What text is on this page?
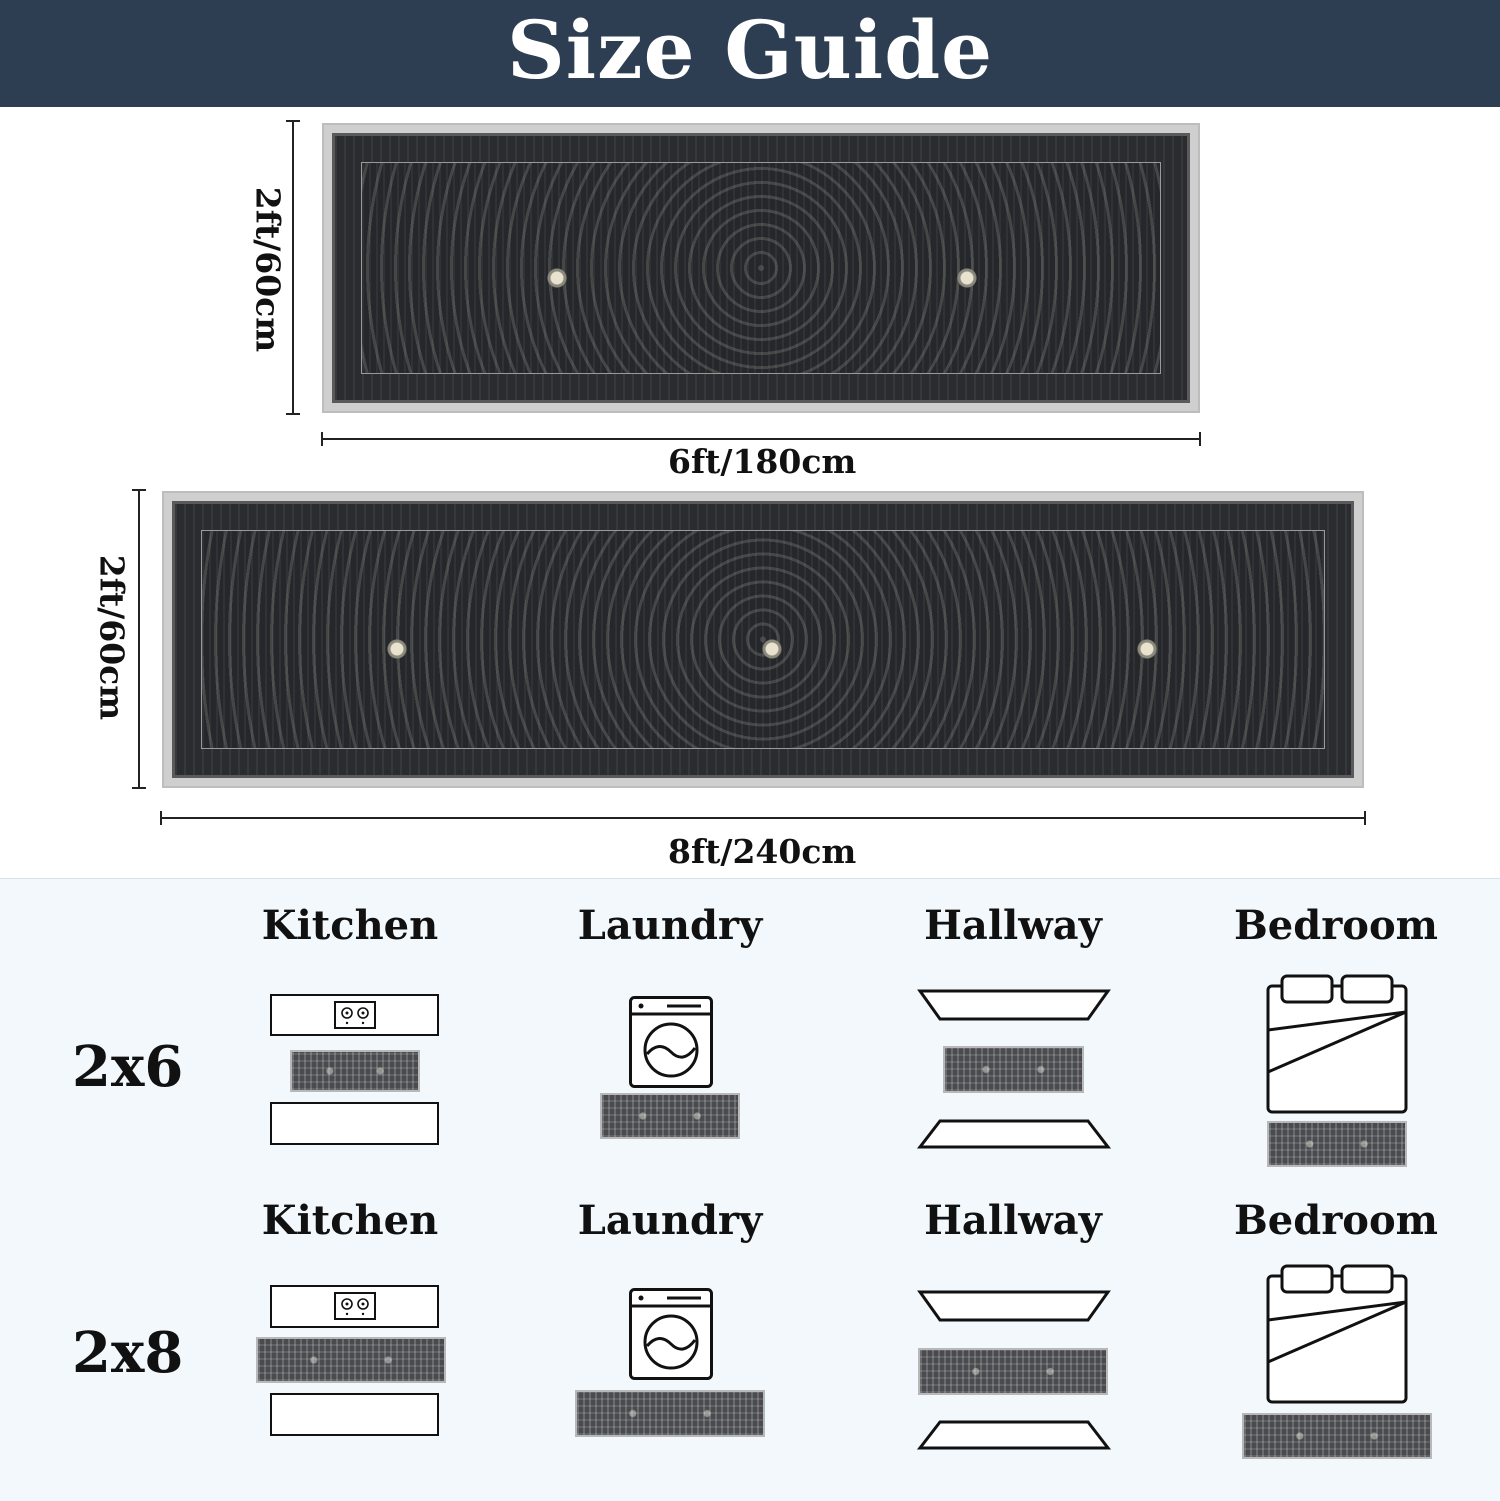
Size Guide
2ft/60cm
6ft/180cm
2ft/60cm
8ft/240cm
Kitchen	Laundry	Hallway	Bedroom
2x6
Kitchen	Laundry	Hallway	Bedroom
2x8
